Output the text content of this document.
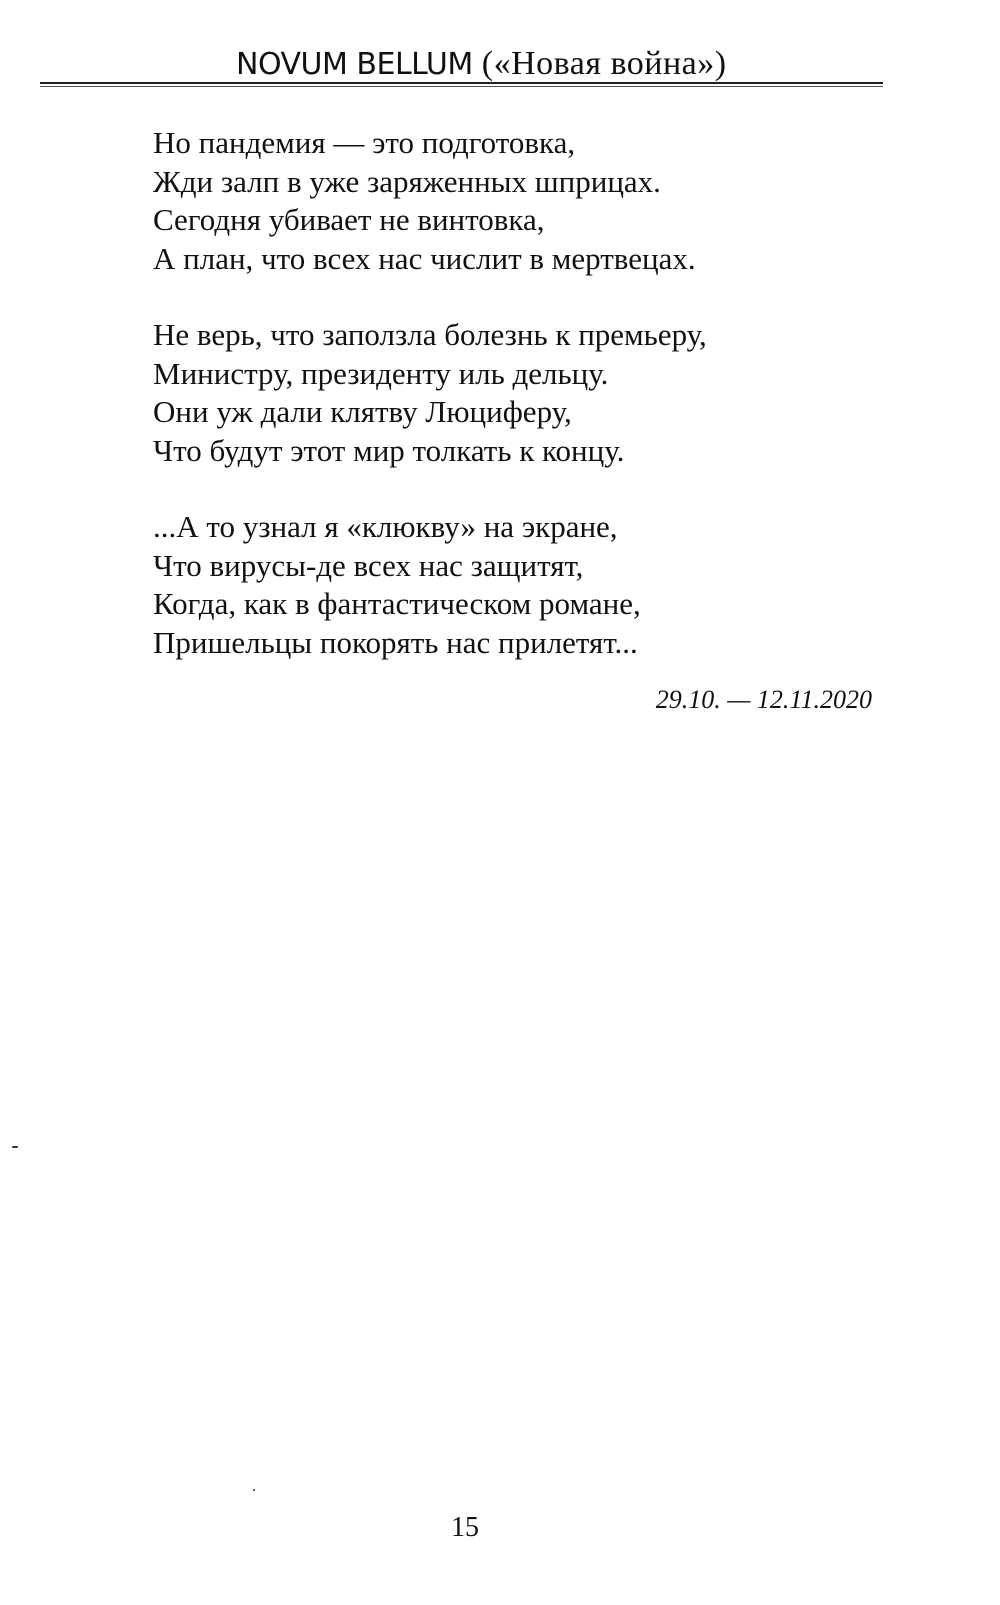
NOVUM BELLUM («Новая война»)
Но пандемия — это подготовка,
Жди залп в уже заряженных шприцах.
Сегодня убивает не винтовка,
А план, что всех нас числит в мертвецах.
Не верь, что заползла болезнь к премьеру,
Министру, президенту иль дельцу.
Они уж дали клятву Люциферу,
Что будут этот мир толкать к концу.
...А то узнал я «клюкву» на экране,
Что вирусы-де всех нас защитят,
Когда, как в фантастическом романе,
Пришельцы покорять нас прилетят...
29.10. — 12.11.2020
15
